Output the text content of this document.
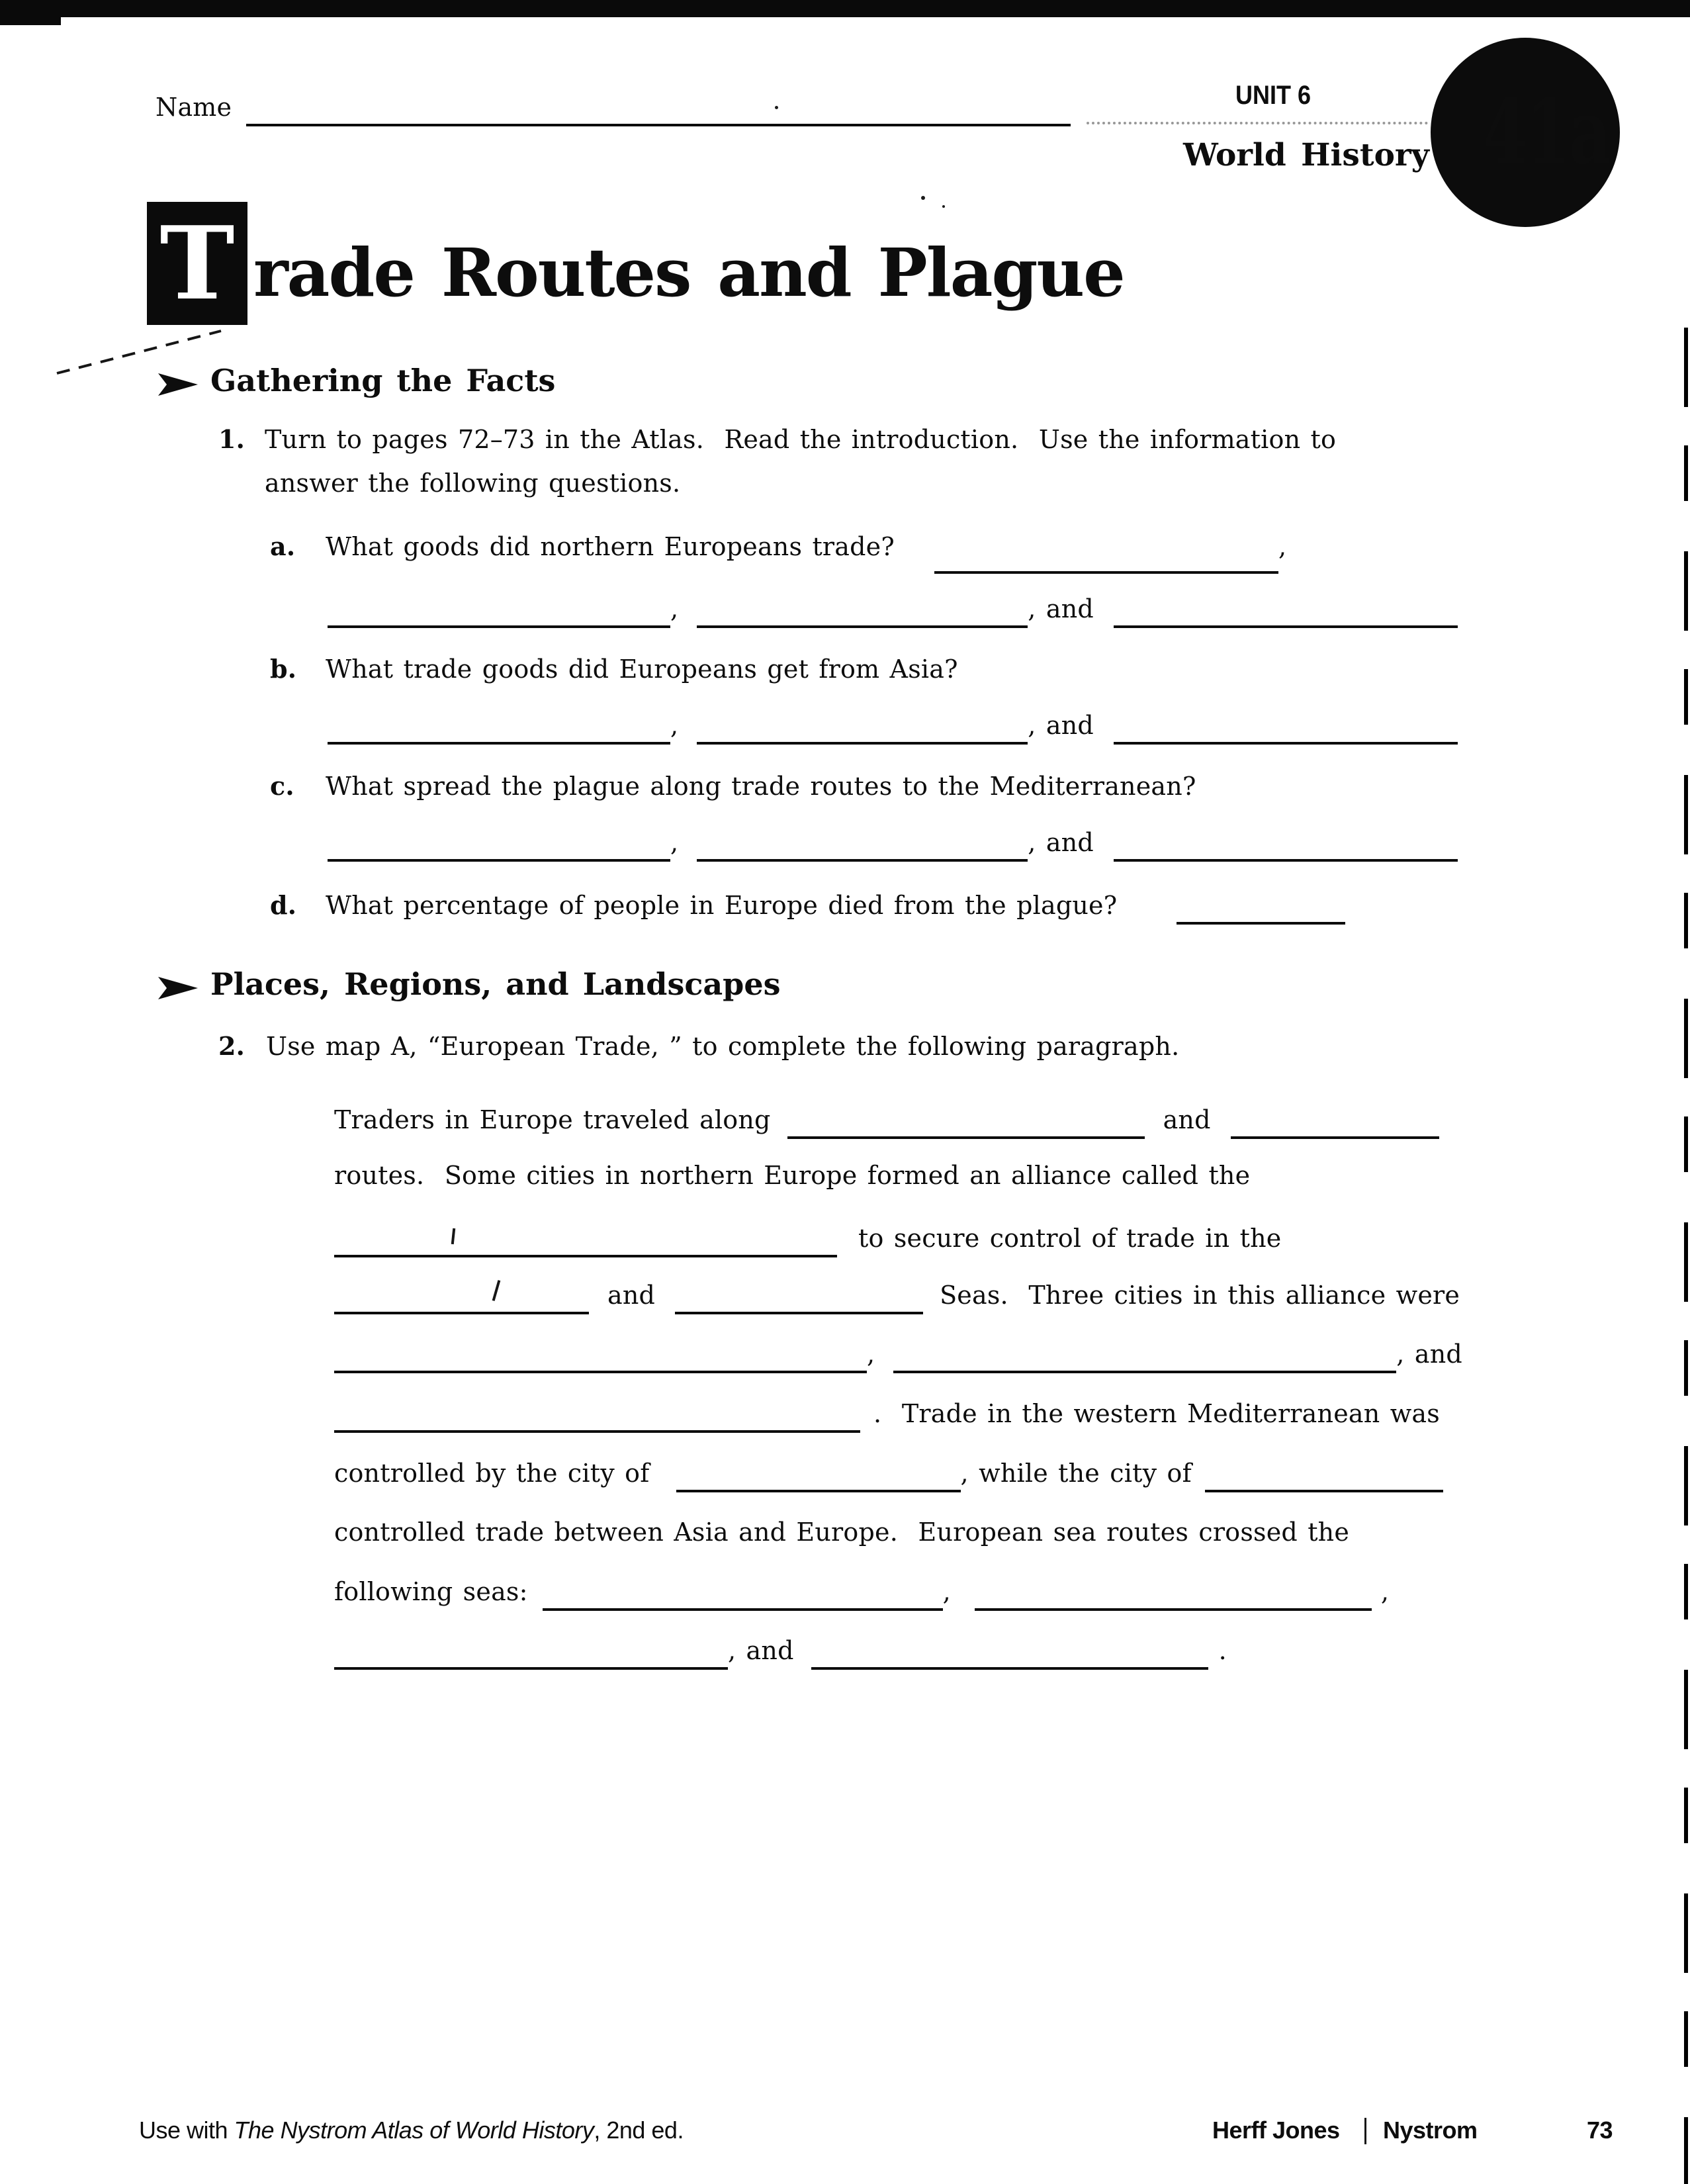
Name	UNIT 6
World History 41a
T rade Routes and Plague
Gathering the Facts
1. Turn to pages 72–73 in the Atlas.  Read the introduction.  Use the information to
answer the following questions.
a. What goods did northern Europeans trade?	,
,	, and
b. What trade goods did Europeans get from Asia?
,	, and
c. What spread the plague along trade routes to the Mediterranean?
,	, and
d. What percentage of people in Europe died from the plague?
Places, Regions, and Landscapes
2. Use map A, “European Trade, ” to complete the following paragraph.
Traders in Europe traveled along	and
routes.  Some cities in northern Europe formed an alliance called the
to secure control of trade in the
and	Seas.  Three cities in this alliance were
,	, and
.  Trade in the western Mediterranean was
controlled by the city of	, while the city of
controlled trade between Asia and Europe.  European sea routes crossed the
following seas:	,	,
, and	.
Use with The Nystrom Atlas of World History, 2nd ed.	Herff Jones Nystrom	73
